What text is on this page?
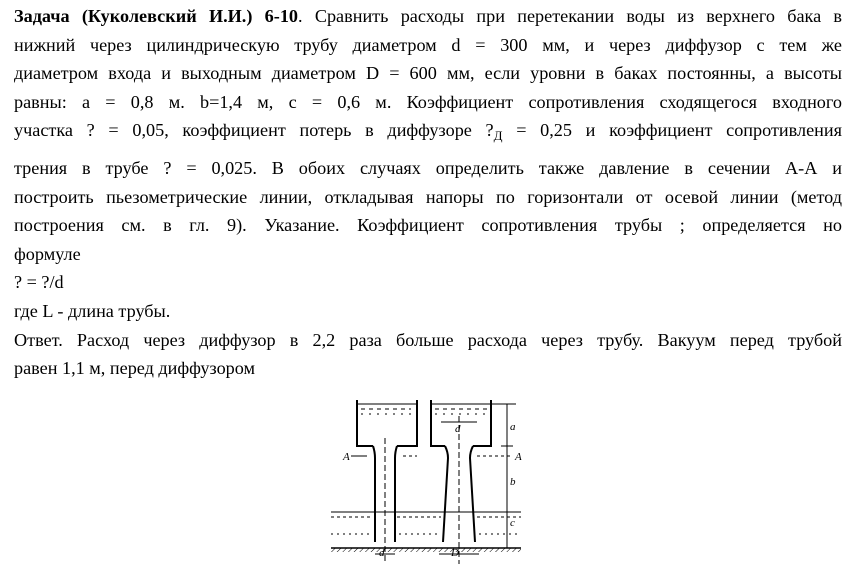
Задача (Куколевский И.И.) 6-10. Сравнить расходы при перетекании воды из верхнего бака в
нижний через цилиндрическую трубу диаметром d = 300 мм, и через диффузор с тем же
диаметром входа и выходным диаметром D = 600 мм, если уровни в баках постоянны, а высоты
равны: a = 0,8 м. b=1,4 м, c = 0,6 м. Коэффициент сопротивления сходящегося входного
участка ? = 0,05, коэффициент потерь в диффузоре $?_Д = 0,25$ и коэффициент сопротивления
трения в трубе ? = 0,025. В обоих случаях определить также давление в сечении А-А и
построить пьезометрические линии, откладывая напоры по горизонтали от осевой линии (метод
построения см. в гл. 9). Указание. Коэффициент сопротивления трубы ; определяется но
формуле
? = ?/d
где L - длина трубы.
Ответ. Расход через диффузор в 2,2 раза больше расхода через трубу. Вакуум перед трубой
равен 1,1 м, перед диффузором
A	A
a
b
c
d
d	D
